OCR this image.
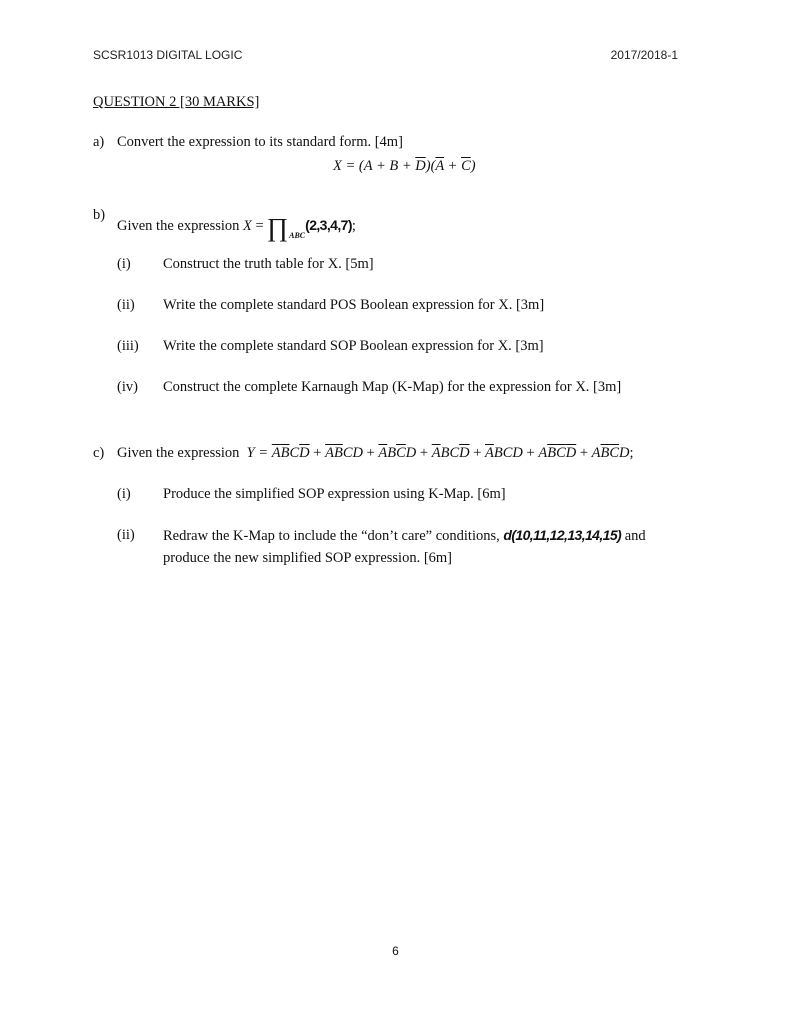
SCSR1013 DIGITAL LOGIC	2017/2018-1
QUESTION 2 [30 MARKS]
a) Convert the expression to its standard form. [4m]
$X = (A + B + \overline{D})(\overline{A} + \overline{C})$
b)
Given the expression $X = \prod_{ABC}(2,3,4,7)$;
(i) Construct the truth table for X. [5m]
(ii) Write the complete standard POS Boolean expression for X. [3m]
(iii) Write the complete standard SOP Boolean expression for X. [3m]
(iv) Construct the complete Karnaugh Map (K-Map) for the expression for X. [3m]
c) Given the expression $Y = \overline{A}\overline{B}C\overline{D} + \overline{A}\overline{B}CD + \overline{A}B\overline{C}D + \overline{A}BC\overline{D} + \overline{A}BCD + A\overline{B}\overline{C}\overline{D} + A\overline{B}\overline{C}D$;
(i) Produce the simplified SOP expression using K-Map. [6m]
(ii) Redraw the K-Map to include the “don’t care” conditions, d(10,11,12,13,14,15) and
produce the new simplified SOP expression. [6m]
6
